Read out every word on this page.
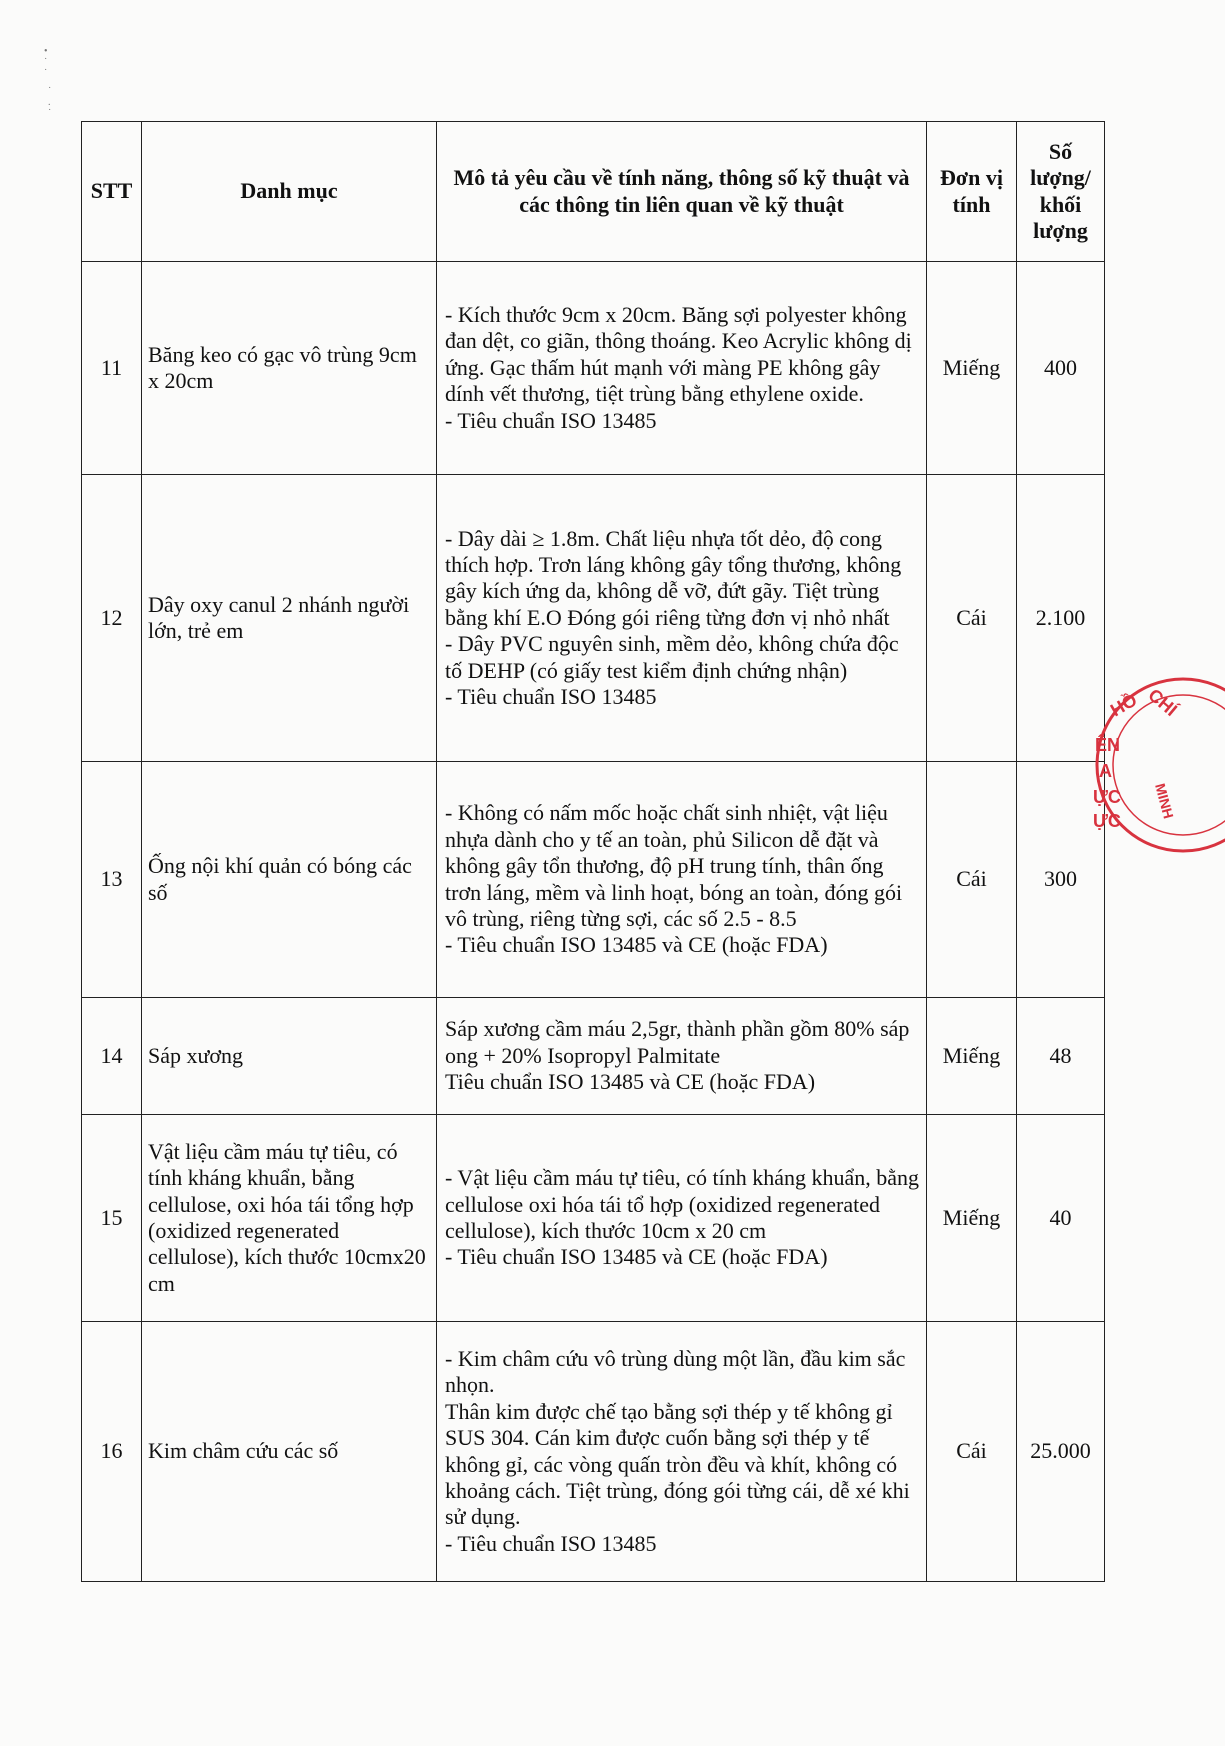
• ˙ ˙
˙ . ˙
STT	Danh mục	Mô tả yêu cầu về tính năng, thông số kỹ thuật và các thông tin liên quan về kỹ thuật	Đơn vị tính	Số lượng/ khối lượng
11	Băng keo có gạc vô trùng 9cm x 20cm	- Kích thước 9cm x 20cm. Băng sợi polyester không đan dệt, co giãn, thông thoáng. Keo Acrylic không dị ứng. Gạc thấm hút mạnh với màng PE không gây dính vết thương, tiệt trùng bằng ethylene oxide.
- Tiêu chuẩn ISO 13485	Miếng	400
12	Dây oxy canul 2 nhánh người lớn, trẻ em	- Dây dài ≥ 1.8m. Chất liệu nhựa tốt dẻo, độ cong thích hợp. Trơn láng không gây tổng thương, không gây kích ứng da, không dễ vỡ, đứt gãy. Tiệt trùng bằng khí E.O Đóng gói riêng từng đơn vị nhỏ nhất
- Dây PVC nguyên sinh, mềm dẻo, không chứa độc tố DEHP (có giấy test kiểm định chứng nhận)
- Tiêu chuẩn ISO 13485	Cái	2.100
13	Ống nội khí quản có bóng các số	- Không có nấm mốc hoặc chất sinh nhiệt, vật liệu nhựa dành cho y tế an toàn, phủ Silicon dễ đặt và không gây tổn thương, độ pH trung tính, thân ống trơn láng, mềm và linh hoạt, bóng an toàn, đóng gói vô trùng, riêng từng sợi, các số 2.5 - 8.5
- Tiêu chuẩn ISO 13485 và CE (hoặc FDA)	Cái	300
14	Sáp xương	Sáp xương cầm máu 2,5gr, thành phần gồm 80% sáp ong + 20% Isopropyl Palmitate
Tiêu chuẩn ISO 13485 và CE (hoặc FDA)	Miếng	48
15	Vật liệu cầm máu tự tiêu, có tính kháng khuẩn, bằng cellulose, oxi hóa tái tổng hợp (oxidized regenerated cellulose), kích thước 10cmx20 cm	- Vật liệu cầm máu tự tiêu, có tính kháng khuẩn, bằng cellulose oxi hóa tái tổ hợp (oxidized regenerated cellulose), kích thước 10cm x 20 cm
- Tiêu chuẩn ISO 13485 và CE (hoặc FDA)	Miếng	40
16	Kim châm cứu các số	- Kim châm cứu vô trùng dùng một lần, đầu kim sắc nhọn.
Thân kim được chế tạo bằng sợi thép y tế không gỉ SUS 304. Cán kim được cuốn bằng sợi thép y tế không gỉ, các vòng quấn tròn đều và khít, không có khoảng cách. Tiệt trùng, đóng gói từng cái, dễ xé khi sử dụng.
- Tiêu chuẩn ISO 13485	Cái	25.000
HỒ CHÍ
ÊN
A
ỰC
ỰC
MINH
